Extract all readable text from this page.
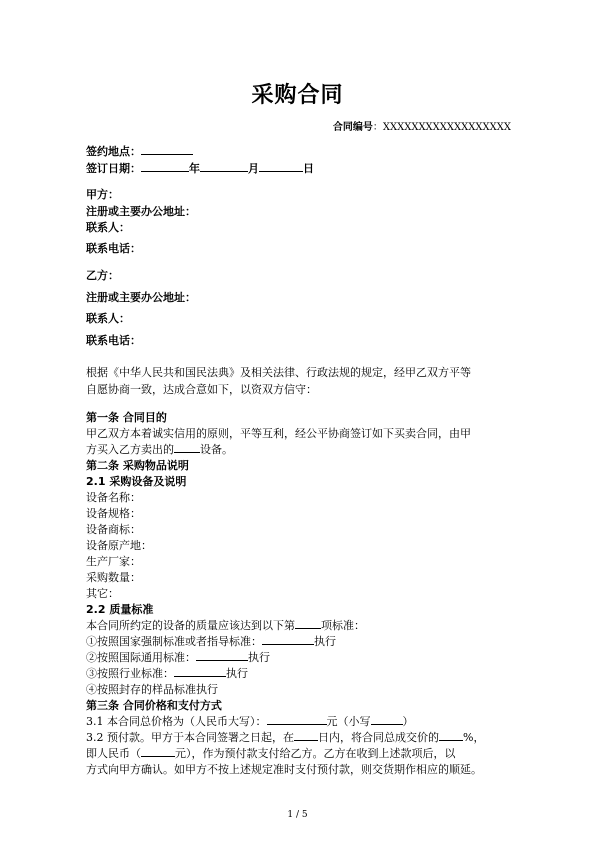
采购合同
合同编号：XXXXXXXXXXXXXXXXXX
签约地点：
签订日期：	年	月	日
甲方：
注册或主要办公地址：
联系人：
联系电话：
乙方：
注册或主要办公地址：
联系人：
联系电话：
根据《中华人民共和国民法典》及相关法律、行政法规的规定，经甲乙双方平等
自愿协商一致，达成合意如下，以资双方信守：
第一条 合同目的
甲乙双方本着诚实信用的原则，平等互利，经公平协商签订如下买卖合同，由甲
方买入乙方卖出的 设备。
第二条 采购物品说明
2.1 采购设备及说明
设备名称：
设备规格：
设备商标：
设备原产地：
生产厂家：
采购数量：
其它：
2.2 质量标准
本合同所约定的设备的质量应该达到以下第 项标准：
①按照国家强制标准或者指导标准：	执行
②按照国际通用标准：	执行
③按照行业标准：	执行
④按照封存的样品标准执行
第三条 合同价格和支付方式
3.1 本合同总价格为（人民币大写）：	元（小写	）
3.2 预付款。甲方于本合同签署之日起，在 日内，将合同总成交价的 %，
即人民币（	元），作为预付款支付给乙方。乙方在收到上述款项后，以
方式向甲方确认。如甲方不按上述规定准时支付预付款，则交货期作相应的顺延。
1 / 5
